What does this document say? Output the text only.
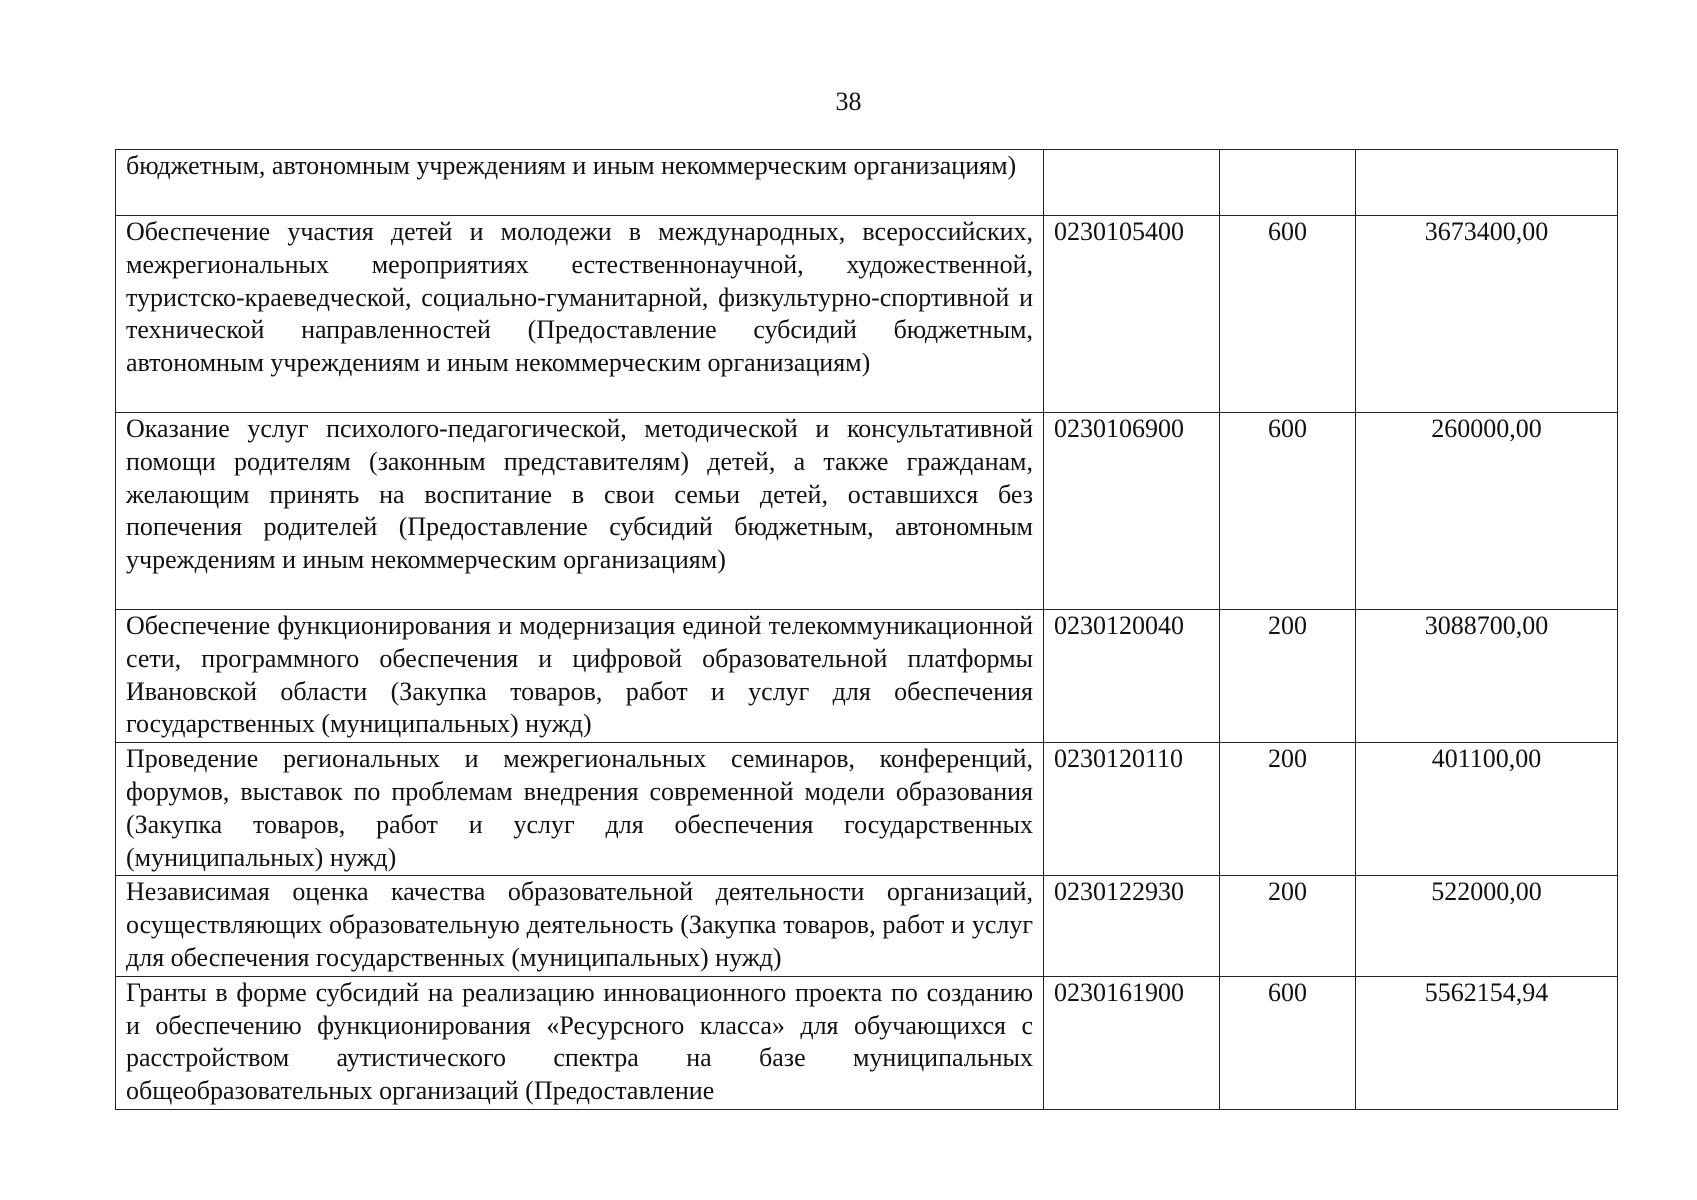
38
бюджетным, автономным учреждениям и иным некоммерческим организациям)			

Обеспечение участия детей и молодежи в международных, всероссийских, межрегиональных мероприятиях естественнонаучной, художественной, туристско-краеведческой, социально-гуманитарной, физкультурно-спортивной и технической направленностей (Предоставление субсидий бюджетным, автономным учреждениям и иным некоммерческим организациям)	0230105400	600	3673400,00

Оказание услуг психолого-педагогической, методической и консультативной помощи родителям (законным представителям) детей, а также гражданам, желающим принять на воспитание в свои семьи детей, оставшихся без попечения родителей (Предоставление субсидий бюджетным, автономным учреждениям и иным некоммерческим организациям)	0230106900	600	260000,00

Обеспечение функционирования и модернизация единой телекоммуникационной сети, программного обеспечения и цифровой образовательной платформы Ивановской области (Закупка товаров, работ и услуг для обеспечения государственных (муниципальных) нужд)	0230120040	200	3088700,00

Проведение региональных и межрегиональных семинаров, конференций, форумов, выставок по проблемам внедрения современной модели образования (Закупка товаров, работ и услуг для обеспечения государственных (муниципальных) нужд)	0230120110	200	401100,00

Независимая оценка качества образовательной деятельности организаций, осуществляющих образовательную деятельность (Закупка товаров, работ и услуг для обеспечения государственных (муниципальных) нужд)	0230122930	200	522000,00

Гранты в форме субсидий на реализацию инновационного проекта по созданию и обеспечению функционирования «Ресурсного класса» для обучающихся с расстройством аутистического спектра на базе муниципальных общеобразовательных организаций (Предоставление	0230161900	600	5562154,94
